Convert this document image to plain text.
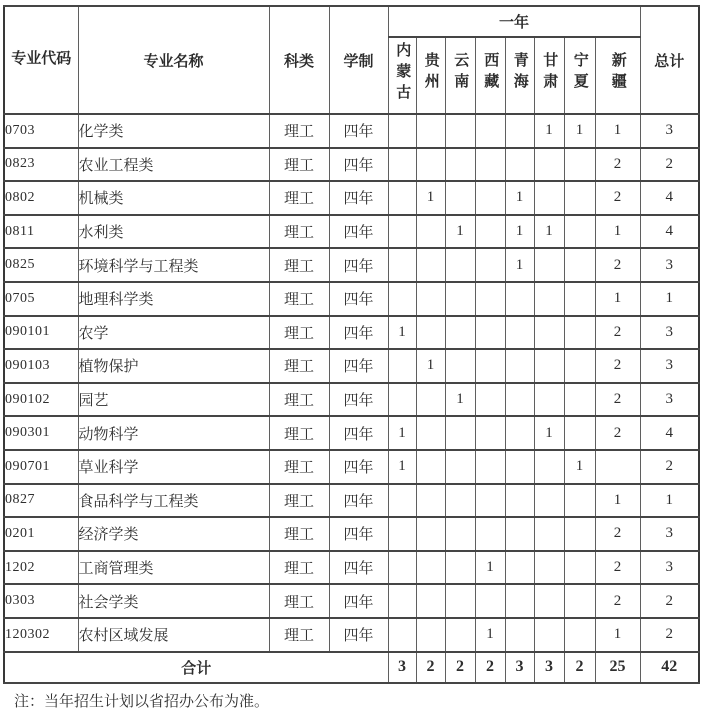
专业代码	专业名称	科类	学制	一年								总计
				内蒙古	贵州	云南	西藏	青海	甘肃	宁夏	新疆	
0703	化学类	理工	四年						1	1	1	3
0823	农业工程类	理工	四年								2	2
0802	机械类	理工	四年		1			1			2	4
0811	水利类	理工	四年			1		1	1		1	4
0825	环境科学与工程类	理工	四年					1			2	3
0705	地理科学类	理工	四年								1	1
090101	农学	理工	四年	1							2	3
090103	植物保护	理工	四年		1						2	3
090102	园艺	理工	四年			1					2	3
090301	动物科学	理工	四年	1					1		2	4
090701	草业科学	理工	四年	1						1		2
0827	食品科学与工程类	理工	四年								1	1
0201	经济学类	理工	四年								2	3
1202	工商管理类	理工	四年				1				2	3
0303	社会学类	理工	四年								2	2
120302	农村区域发展	理工	四年				1				1	2
合计				3	2	2	2	3	3	2	25	42
注：当年招生计划以省招办公布为准。
